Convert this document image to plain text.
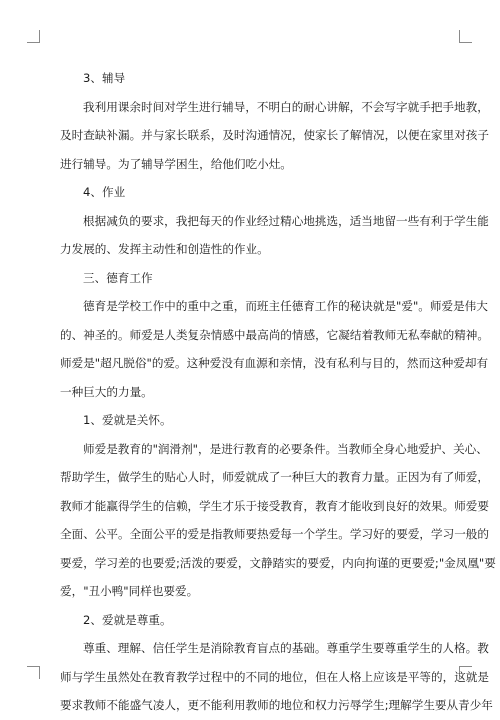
3、辅导
我利用课余时间对学生进行辅导，不明白的耐心讲解，不会写字就手把手地教，
及时查缺补漏。并与家长联系，及时沟通情况，使家长了解情况，以便在家里对孩子
进行辅导。为了辅导学困生，给他们吃小灶。
4、作业
根据减负的要求，我把每天的作业经过精心地挑选，适当地留一些有利于学生能
力发展的、发挥主动性和创造性的作业。
三、德育工作
德育是学校工作中的重中之重，而班主任德育工作的秘诀就是"爱"。师爱是伟大
的、神圣的。师爱是人类复杂情感中最高尚的情感，它凝结着教师无私奉献的精神。
师爱是"超凡脱俗"的爱。这种爱没有血源和亲情，没有私利与目的，然而这种爱却有
一种巨大的力量。
1、爱就是关怀。
师爱是教育的"润滑剂"，是进行教育的必要条件。当教师全身心地爱护、关心、
帮助学生，做学生的贴心人时，师爱就成了一种巨大的教育力量。正因为有了师爱，
教师才能赢得学生的信赖，学生才乐于接受教育，教育才能收到良好的效果。师爱要
全面、公平。全面公平的爱是指教师要热爱每一个学生。学习好的要爱，学习一般的
要爱，学习差的也要爱;活泼的要爱，文静踏实的要爱，内向拘谨的更要爱;"金凤凰"要
爱，"丑小鸭"同样也要爱。
2、爱就是尊重。
尊重、理解、信任学生是消除教育盲点的基础。尊重学生要尊重学生的人格。教
师与学生虽然处在教育教学过程中的不同的地位，但在人格上应该是平等的，这就是
要求教师不能盛气凌人，更不能利用教师的地位和权力污辱学生;理解学生要从青少年
